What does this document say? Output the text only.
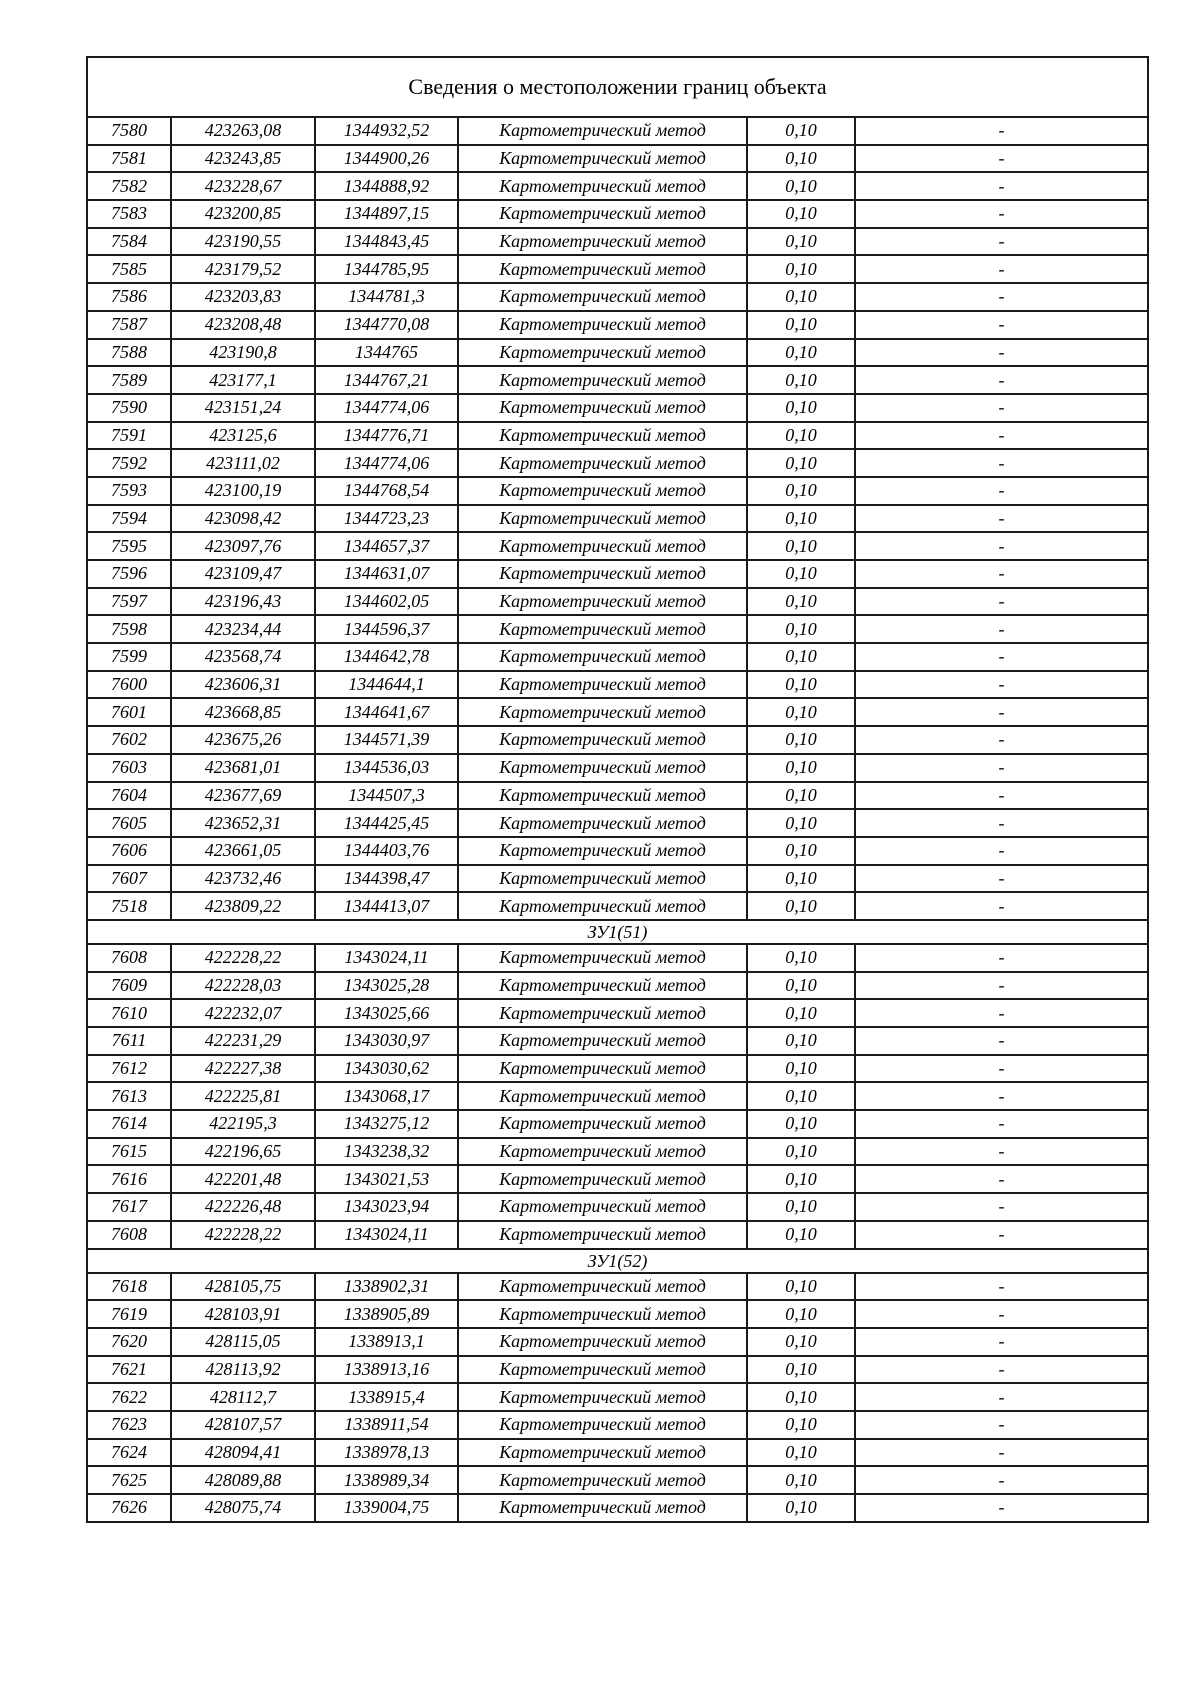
Сведения о местоположении границ объекта					
7580	423263,08	1344932,52	Картометрический метод	0,10	-
7581	423243,85	1344900,26	Картометрический метод	0,10	-
7582	423228,67	1344888,92	Картометрический метод	0,10	-
7583	423200,85	1344897,15	Картометрический метод	0,10	-
7584	423190,55	1344843,45	Картометрический метод	0,10	-
7585	423179,52	1344785,95	Картометрический метод	0,10	-
7586	423203,83	1344781,3	Картометрический метод	0,10	-
7587	423208,48	1344770,08	Картометрический метод	0,10	-
7588	423190,8	1344765	Картометрический метод	0,10	-
7589	423177,1	1344767,21	Картометрический метод	0,10	-
7590	423151,24	1344774,06	Картометрический метод	0,10	-
7591	423125,6	1344776,71	Картометрический метод	0,10	-
7592	423111,02	1344774,06	Картометрический метод	0,10	-
7593	423100,19	1344768,54	Картометрический метод	0,10	-
7594	423098,42	1344723,23	Картометрический метод	0,10	-
7595	423097,76	1344657,37	Картометрический метод	0,10	-
7596	423109,47	1344631,07	Картометрический метод	0,10	-
7597	423196,43	1344602,05	Картометрический метод	0,10	-
7598	423234,44	1344596,37	Картометрический метод	0,10	-
7599	423568,74	1344642,78	Картометрический метод	0,10	-
7600	423606,31	1344644,1	Картометрический метод	0,10	-
7601	423668,85	1344641,67	Картометрический метод	0,10	-
7602	423675,26	1344571,39	Картометрический метод	0,10	-
7603	423681,01	1344536,03	Картометрический метод	0,10	-
7604	423677,69	1344507,3	Картометрический метод	0,10	-
7605	423652,31	1344425,45	Картометрический метод	0,10	-
7606	423661,05	1344403,76	Картометрический метод	0,10	-
7607	423732,46	1344398,47	Картометрический метод	0,10	-
7518	423809,22	1344413,07	Картометрический метод	0,10	-
ЗУ1(51)					
7608	422228,22	1343024,11	Картометрический метод	0,10	-
7609	422228,03	1343025,28	Картометрический метод	0,10	-
7610	422232,07	1343025,66	Картометрический метод	0,10	-
7611	422231,29	1343030,97	Картометрический метод	0,10	-
7612	422227,38	1343030,62	Картометрический метод	0,10	-
7613	422225,81	1343068,17	Картометрический метод	0,10	-
7614	422195,3	1343275,12	Картометрический метод	0,10	-
7615	422196,65	1343238,32	Картометрический метод	0,10	-
7616	422201,48	1343021,53	Картометрический метод	0,10	-
7617	422226,48	1343023,94	Картометрический метод	0,10	-
7608	422228,22	1343024,11	Картометрический метод	0,10	-
ЗУ1(52)					
7618	428105,75	1338902,31	Картометрический метод	0,10	-
7619	428103,91	1338905,89	Картометрический метод	0,10	-
7620	428115,05	1338913,1	Картометрический метод	0,10	-
7621	428113,92	1338913,16	Картометрический метод	0,10	-
7622	428112,7	1338915,4	Картометрический метод	0,10	-
7623	428107,57	1338911,54	Картометрический метод	0,10	-
7624	428094,41	1338978,13	Картометрический метод	0,10	-
7625	428089,88	1338989,34	Картометрический метод	0,10	-
7626	428075,74	1339004,75	Картометрический метод	0,10	-
